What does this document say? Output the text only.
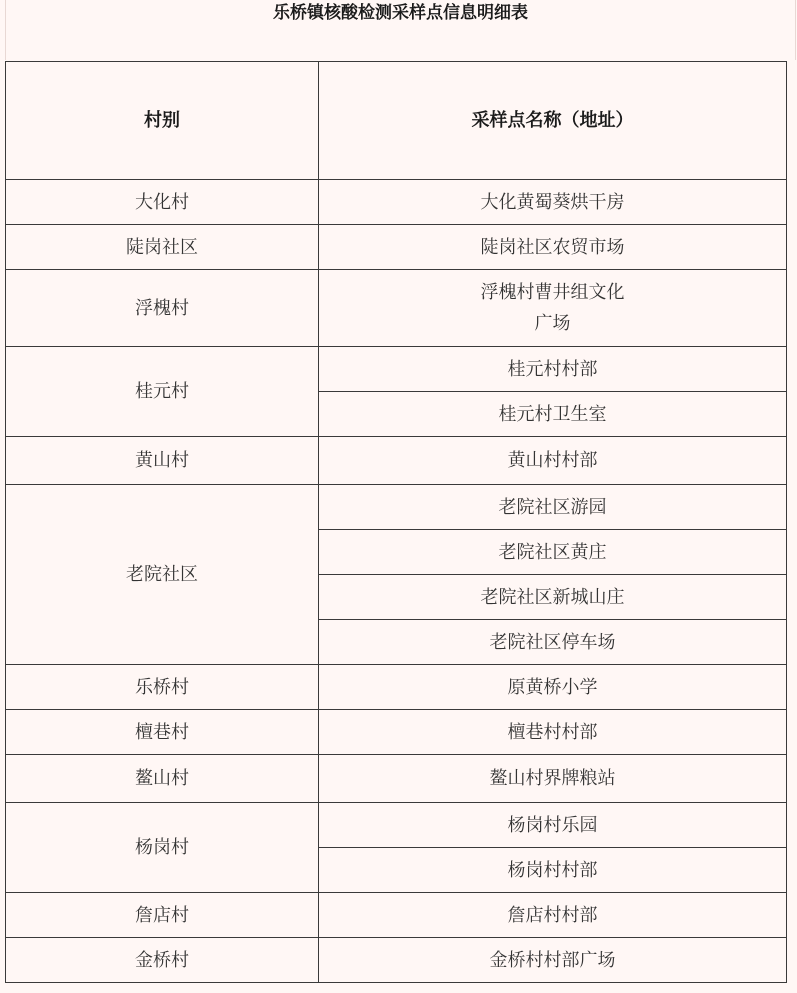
乐桥镇核酸检测采样点信息明细表
村别	采样点名称（地址）
大化村	大化黄蜀葵烘干房
陡岗社区	陡岗社区农贸市场
浮槐村	浮槐村曹井组文化
广场
桂元村	桂元村村部
	桂元村卫生室
黄山村	黄山村村部
老院社区	老院社区游园
	老院社区黄庄
	老院社区新城山庄
	老院社区停车场
乐桥村	原黄桥小学
檀巷村	檀巷村村部
鳌山村	鳌山村界牌粮站
杨岗村	杨岗村乐园
	杨岗村村部
詹店村	詹店村村部
金桥村	金桥村村部广场
